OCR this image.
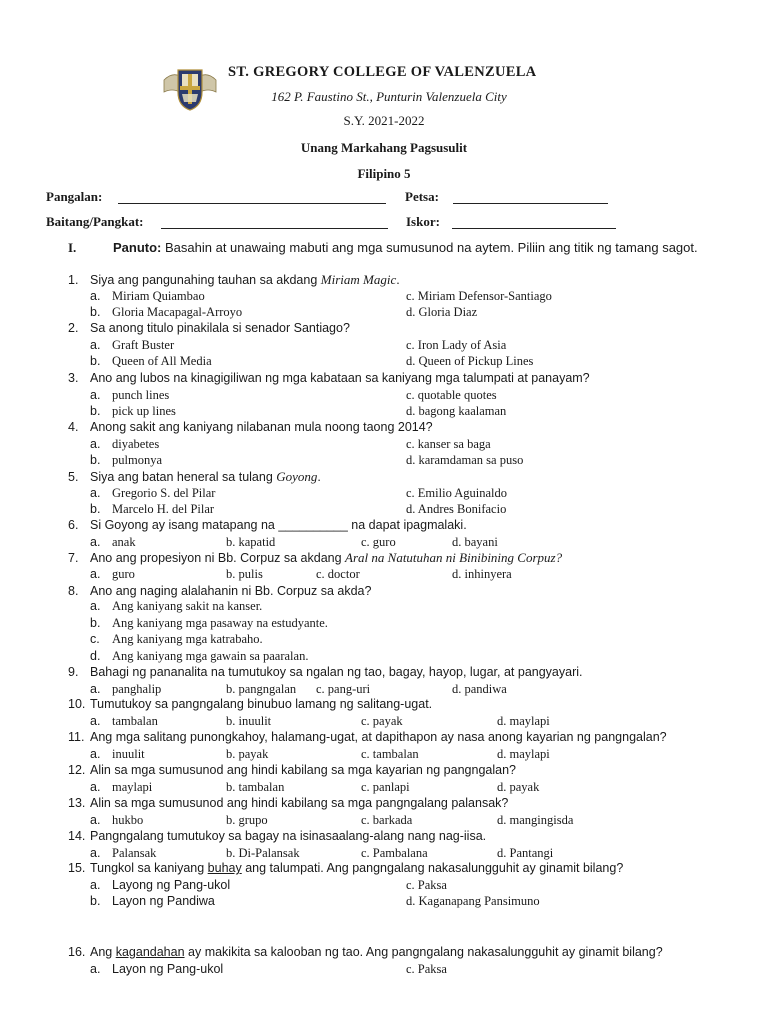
ST. GREGORY COLLEGE OF VALENZUELA
162 P. Faustino St., Punturin Valenzuela City
S.Y. 2021-2022
Unang Markahang Pagsusulit
Filipino 5
Pangalan:	Petsa:
Baitang/Pangkat:	Iskor:
I.	Panuto: Basahin at unawaing mabuti ang mga sumusunod na aytem. Piliin ang titik ng tamang sagot.
1. Siya ang pangunahing tauhan sa akdang Miriam Magic.
a. Miriam Quiambao	c. Miriam Defensor-Santiago
b. Gloria Macapagal-Arroyo	d. Gloria Diaz
2. Sa anong titulo pinakilala si senador Santiago?
a. Graft Buster	c. Iron Lady of Asia
b. Queen of All Media	d. Queen of Pickup Lines
3. Ano ang lubos na kinagigiliwan ng mga kabataan sa kaniyang mga talumpati at panayam?
a. punch lines	c. quotable quotes
b. pick up lines	d. bagong kaalaman
4. Anong sakit ang kaniyang nilabanan mula noong taong 2014?
a. diyabetes	c. kanser sa baga
b. pulmonya	d. karamdaman sa puso
5. Siya ang batan heneral sa tulang Goyong.
a. Gregorio S. del Pilar	c. Emilio Aguinaldo
b. Marcelo H. del Pilar	d. Andres Bonifacio
6. Si Goyong ay isang matapang na __________ na dapat ipagmalaki.
a. anak	b. kapatid	c. guro	d. bayani
7. Ano ang propesiyon ni Bb. Corpuz sa akdang Aral na Natutuhan ni Binibining Corpuz?
a. guro	b. pulis	c. doctor	d. inhinyera
8. Ano ang naging alalahanin ni Bb. Corpuz sa akda?
a. Ang kaniyang sakit na kanser.
b. Ang kaniyang mga pasaway na estudyante.
c. Ang kaniyang mga katrabaho.
d. Ang kaniyang mga gawain sa paaralan.
9. Bahagi ng pananalita na tumutukoy sa ngalan ng tao, bagay, hayop, lugar, at pangyayari.
a. panghalip	b. pangngalan c. pang-uri	d. pandiwa
10. Tumutukoy sa pangngalang binubuo lamang ng salitang-ugat.
a. tambalan	b. inuulit	c. payak	d. maylapi
11. Ang mga salitang punongkahoy, halamang-ugat, at dapithapon ay nasa anong kayarian ng pangngalan?
a. inuulit	b. payak	c. tambalan	d. maylapi
12. Alin sa mga sumusunod ang hindi kabilang sa mga kayarian ng pangngalan?
a. maylapi	b. tambalan	c. panlapi	d. payak
13. Alin sa mga sumusunod ang hindi kabilang sa mga pangngalang palansak?
a. hukbo	b. grupo	c. barkada	d. mangingisda
14. Pangngalang tumutukoy sa bagay na isinasaalang-alang nang nag-iisa.
a. Palansak	b. Di-Palansak	c. Pambalana	d. Pantangi
15. Tungkol sa kaniyang buhay ang talumpati. Ang pangngalang nakasalungguhit ay ginamit bilang?
a. Layong ng Pang-ukol	c. Paksa
b. Layon ng Pandiwa	d. Kaganapang Pansimuno
16. Ang kagandahan ay makikita sa kalooban ng tao. Ang pangngalang nakasalungguhit ay ginamit bilang?
a. Layon ng Pang-ukol	c. Paksa
